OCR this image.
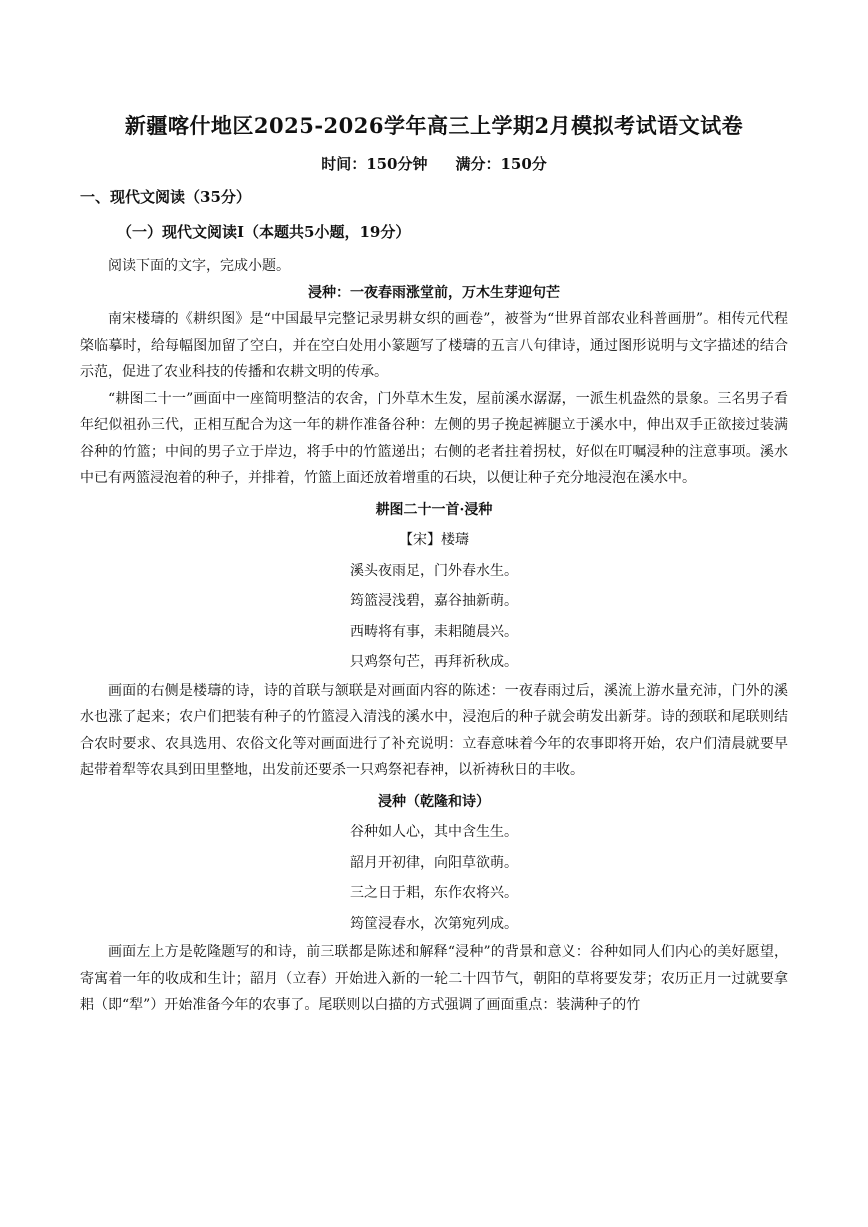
新疆喀什地区2025-2026学年高三上学期2月模拟考试语文试卷
时间：150分钟 满分：150分
一、现代文阅读（35分）
（一）现代文阅读Ⅰ（本题共5小题，19分）

阅读下面的文字，完成小题。

浸种：一夜春雨涨堂前，万木生芽迎句芒

南宋楼璹的《耕织图》是“中国最早完整记录男耕女织的画卷”，被誉为“世界首部农业科普画册”。相传元代程棨临摹时，给每幅图加留了空白，并在空白处用小篆题写了楼璹的五言八句律诗，通过图形说明与文字描述的结合示范，促进了农业科技的传播和农耕文明的传承。

“耕图二十一”画面中一座简明整洁的农舍，门外草木生发，屋前溪水潺潺，一派生机盎然的景象。三名男子看年纪似祖孙三代，正相互配合为这一年的耕作准备谷种：左侧的男子挽起裤腿立于溪水中，伸出双手正欲接过装满谷种的竹篮；中间的男子立于岸边，将手中的竹篮递出；右侧的老者拄着拐杖，好似在叮嘱浸种的注意事项。溪水中已有两篮浸泡着的种子，并排着，竹篮上面还放着增重的石块，以便让种子充分地浸泡在溪水中。

耕图二十一首·浸种

【宋】楼璹

溪头夜雨足，门外春水生。

筠篮浸浅碧，嘉谷抽新萌。

西畴将有事，耒耜随晨兴。

只鸡祭句芒，再拜祈秋成。

画面的右侧是楼璹的诗，诗的首联与颔联是对画面内容的陈述：一夜春雨过后，溪流上游水量充沛，门外的溪水也涨了起来；农户们把装有种子的竹篮浸入清浅的溪水中，浸泡后的种子就会萌发出新芽。诗的颈联和尾联则结合农时要求、农具选用、农俗文化等对画面进行了补充说明：立春意味着今年的农事即将开始，农户们清晨就要早起带着犁等农具到田里整地，出发前还要杀一只鸡祭祀春神，以祈祷秋日的丰收。

浸种（乾隆和诗）

谷种如人心，其中含生生。

韶月开初律，向阳草欲萌。

三之日于耜，东作农将兴。

筠筐浸春水，次第宛列成。

画面左上方是乾隆题写的和诗，前三联都是陈述和解释“浸种”的背景和意义：谷种如同人们内心的美好愿望，寄寓着一年的收成和生计；韶月（立春）开始进入新的一轮二十四节气，朝阳的草将要发芽；农历正月一过就要拿耜（即“犁”）开始准备今年的农事了。尾联则以白描的方式强调了画面重点：装满种子的竹
